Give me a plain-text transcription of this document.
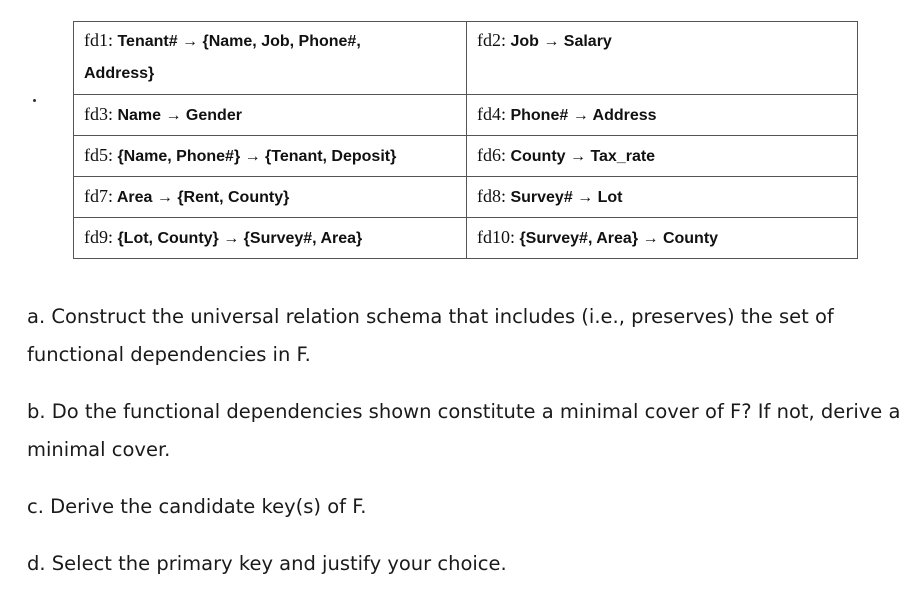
fd1: Tenant# → {Name, Job, Phone#,
Address}	fd2: Job → Salary

fd3: Name → Gender	fd4: Phone# → Address
fd5: {Name, Phone#} → {Tenant, Deposit}	fd6: County → Tax_rate
fd7: Area → {Rent, County}	fd8: Survey# → Lot
fd9: {Lot, County} → {Survey#, Area}	fd10: {Survey#, Area} → County

a. Construct the universal relation schema that includes (i.e., preserves) the set of functional dependencies in F.

b. Do the functional dependencies shown constitute a minimal cover of F? If not, derive a minimal cover.

c. Derive the candidate key(s) of F.

d. Select the primary key and justify your choice.
